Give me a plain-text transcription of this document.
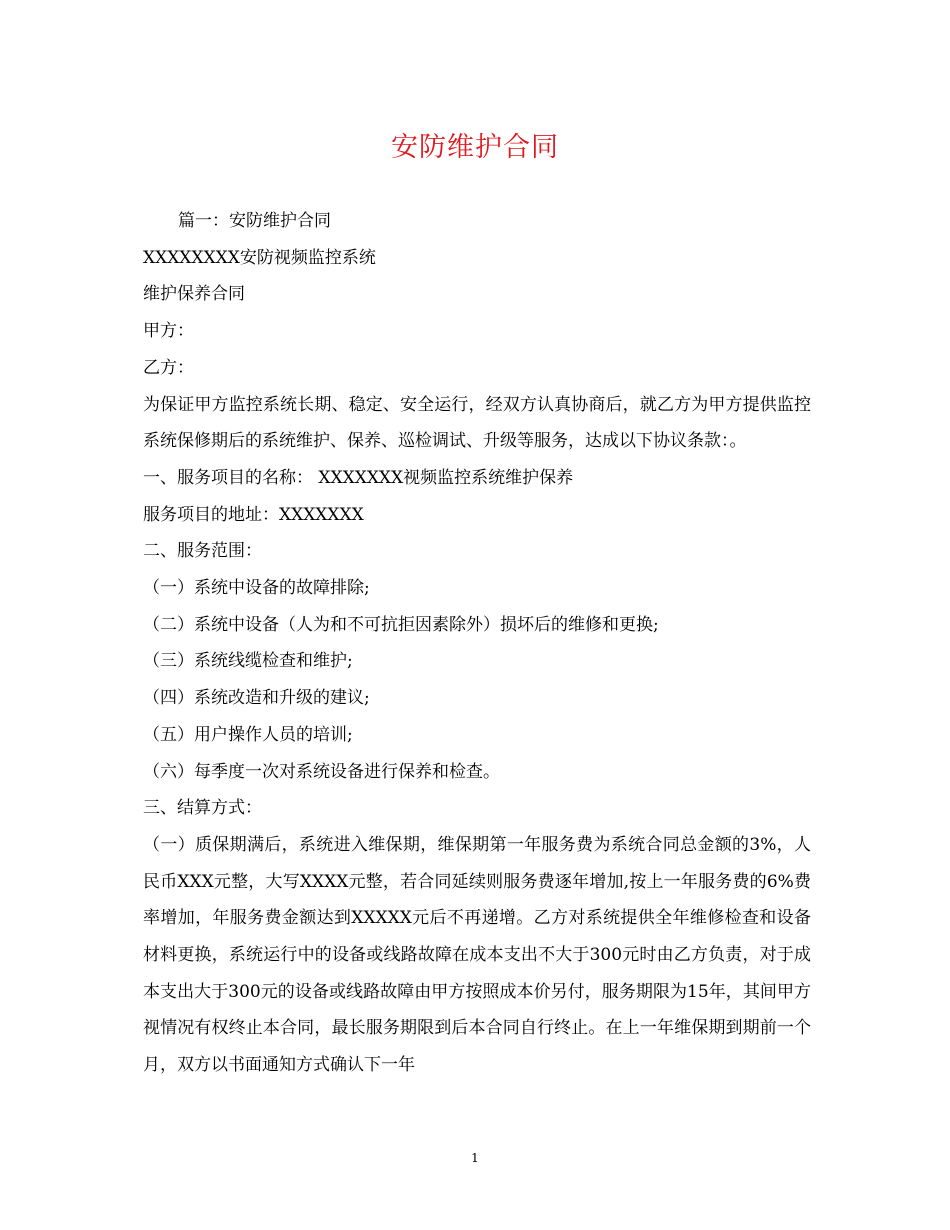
安防维护合同

篇一：安防维护合同

XXXXXXXX安防视频监控系统

维护保养合同

甲方：

乙方：

为保证甲方监控系统长期、稳定、安全运行，经双方认真协商后，就乙方为甲方提供监控系统保修期后的系统维护、保养、巡检调试、升级等服务，达成以下协议条款：。

一、服务项目的名称： XXXXXXX视频监控系统维护保养

服务项目的地址：XXXXXXX

二、服务范围：

（一）系统中设备的故障排除;

（二）系统中设备（人为和不可抗拒因素除外）损坏后的维修和更换;

（三）系统线缆检查和维护;

（四）系统改造和升级的建议;

（五）用户操作人员的培训;

（六）每季度一次对系统设备进行保养和检查。

三、结算方式：

（一）质保期满后，系统进入维保期，维保期第一年服务费为系统合同总金额的3%，人民币XXX元整，大写XXXX元整，若合同延续则服务费逐年增加,按上一年服务费的6%费率增加，年服务费金额达到XXXXX元后不再递增。乙方对系统提供全年维修检查和设备材料更换，系统运行中的设备或线路故障在成本支出不大于300元时由乙方负责，对于成本支出大于300元的设备或线路故障由甲方按照成本价另付，服务期限为15年，其间甲方视情况有权终止本合同，最长服务期限到后本合同自行终止。在上一年维保期到期前一个月，双方以书面通知方式确认下一年

1
